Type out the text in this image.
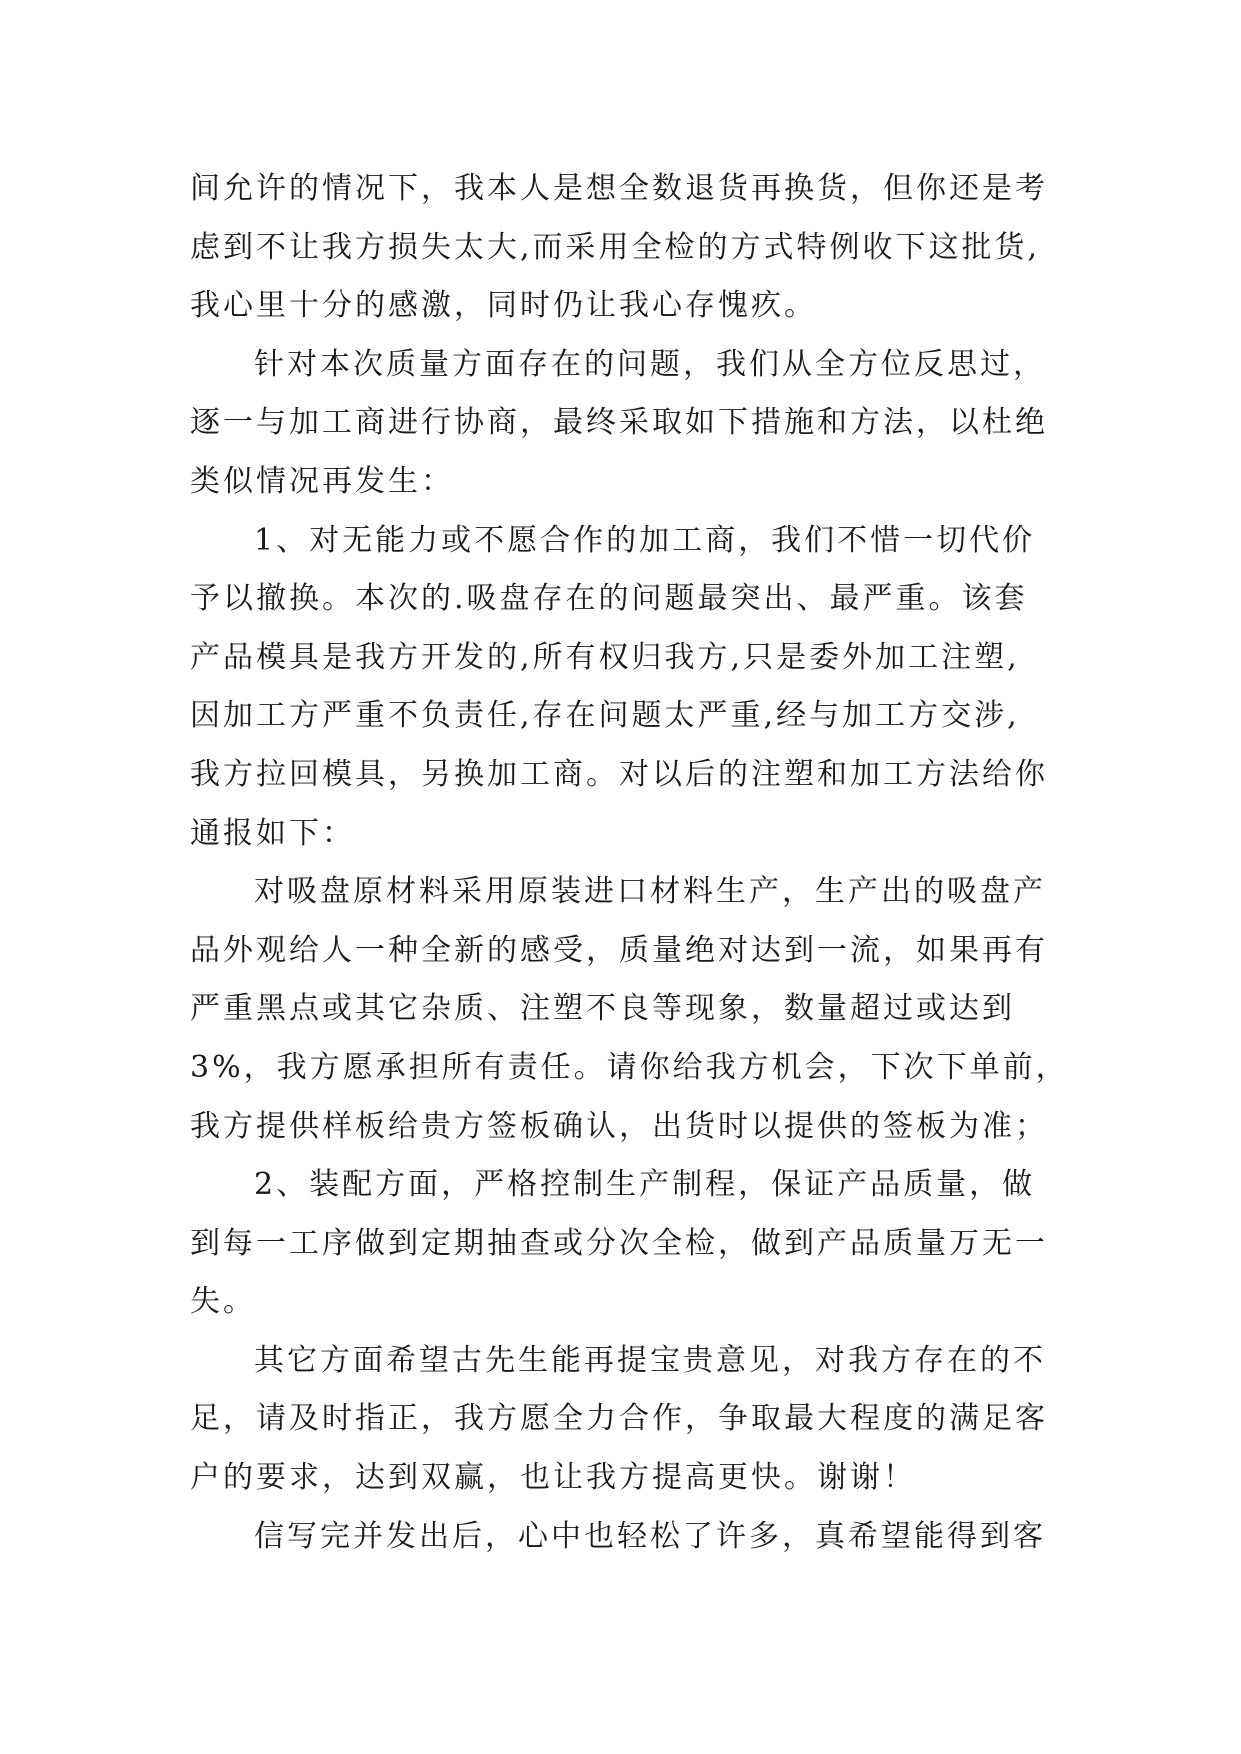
间允许的情况下，我本人是想全数退货再换货，但你还是考
虑到不让我方损失太大,而采用全检的方式特例收下这批货,
我心里十分的感激，同时仍让我心存愧疚。
针对本次质量方面存在的问题，我们从全方位反思过，
逐一与加工商进行协商，最终采取如下措施和方法，以杜绝
类似情况再发生：
1、对无能力或不愿合作的加工商，我们不惜一切代价
予以撤换。本次的.吸盘存在的问题最突出、最严重。该套
产品模具是我方开发的,所有权归我方,只是委外加工注塑,
因加工方严重不负责任,存在问题太严重,经与加工方交涉,
我方拉回模具，另换加工商。对以后的注塑和加工方法给你
通报如下：
对吸盘原材料采用原装进口材料生产，生产出的吸盘产
品外观给人一种全新的感受，质量绝对达到一流，如果再有
严重黑点或其它杂质、注塑不良等现象，数量超过或达到
3%，我方愿承担所有责任。请你给我方机会，下次下单前，
我方提供样板给贵方签板确认，出货时以提供的签板为准；
2、装配方面，严格控制生产制程，保证产品质量，做
到每一工序做到定期抽查或分次全检，做到产品质量万无一
失。
其它方面希望古先生能再提宝贵意见，对我方存在的不
足，请及时指正，我方愿全力合作，争取最大程度的满足客
户的要求，达到双赢，也让我方提高更快。谢谢！
信写完并发出后，心中也轻松了许多，真希望能得到客
